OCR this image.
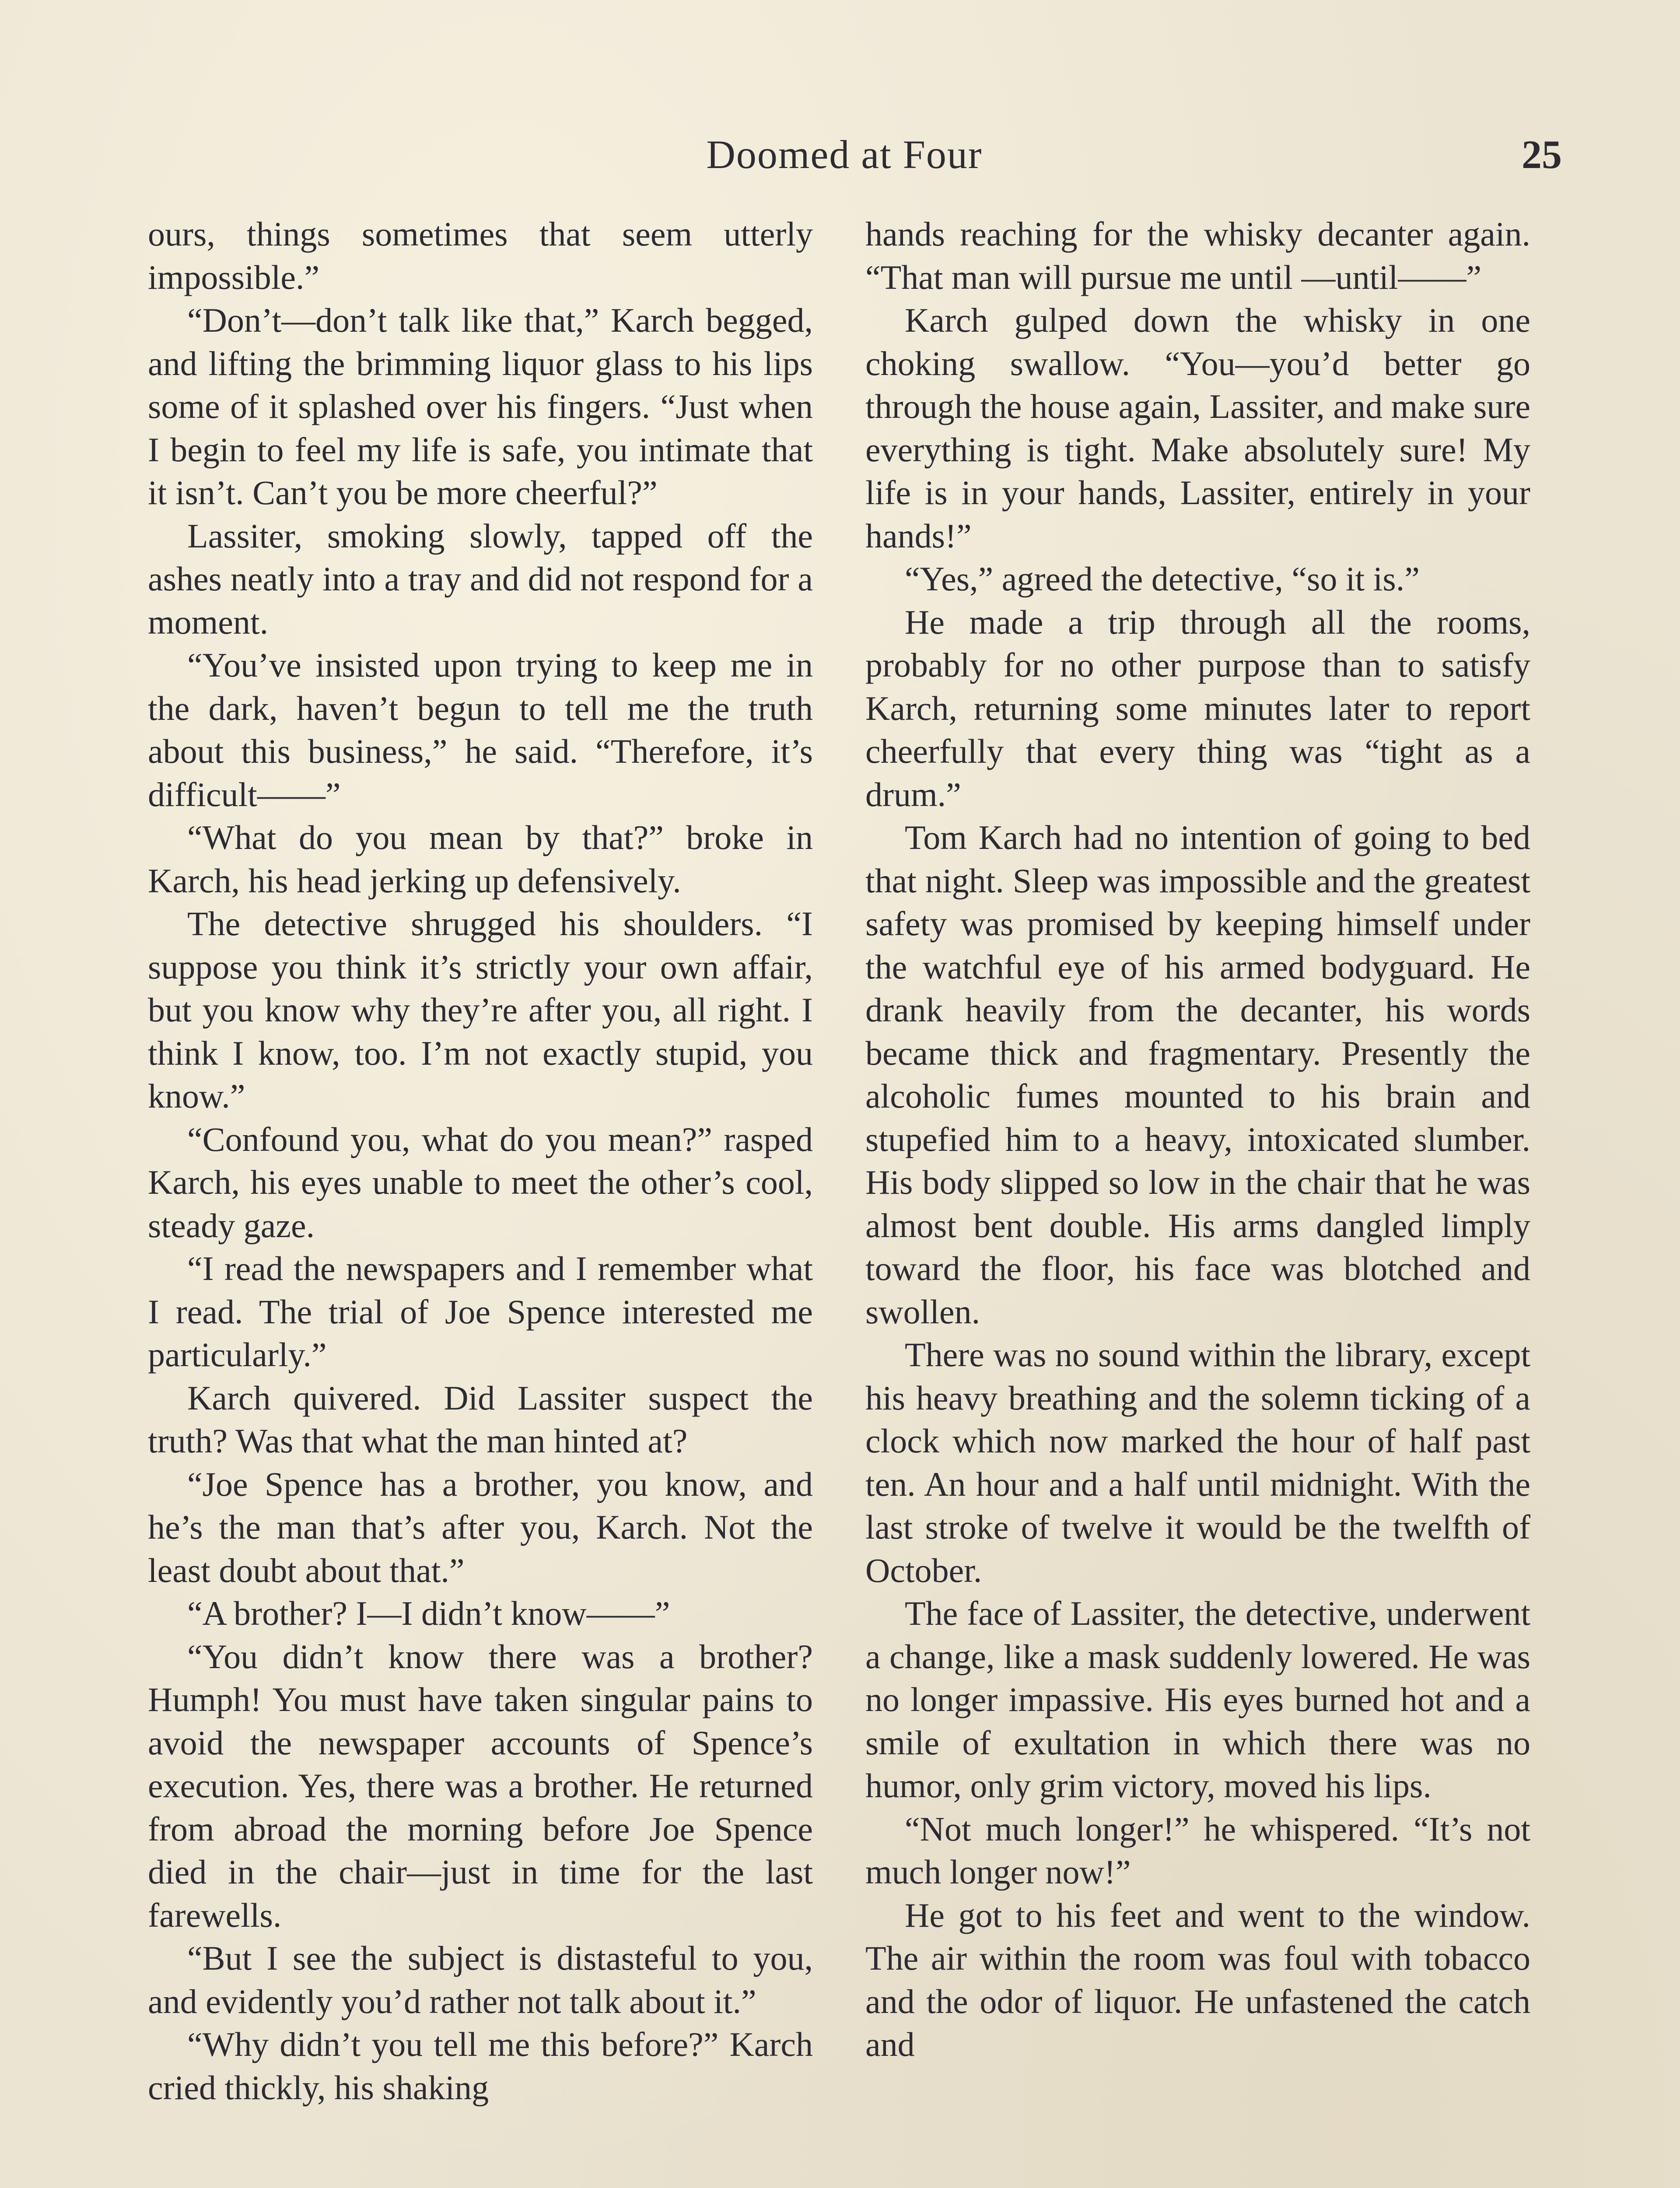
Doomed at Four	25

ours, things sometimes that seem utterly impossible.”

“Don’t—don’t talk like that,” Karch begged, and lifting the brimming liquor glass to his lips some of it splashed over his fingers. “Just when I begin to feel my life is safe, you intimate that it isn’t. Can’t you be more cheerful?”

Lassiter, smoking slowly, tapped off the ashes neatly into a tray and did not respond for a moment.

“You’ve insisted upon trying to keep me in the dark, haven’t begun to tell me the truth about this business,” he said. “Therefore, it’s difficult——”

“What do you mean by that?” broke in Karch, his head jerking up defensively.

The detective shrugged his shoulders. “I suppose you think it’s strictly your own affair, but you know why they’re after you, all right. I think I know, too. I’m not exactly stupid, you know.”

“Confound you, what do you mean?” rasped Karch, his eyes unable to meet the other’s cool, steady gaze.

“I read the newspapers and I remember what I read. The trial of Joe Spence interested me particularly.”

Karch quivered. Did Lassiter suspect the truth? Was that what the man hinted at?

“Joe Spence has a brother, you know, and he’s the man that’s after you, Karch. Not the least doubt about that.”

“A brother? I—I didn’t know——”

“You didn’t know there was a brother? Humph! You must have taken singular pains to avoid the newspaper accounts of Spence’s execution. Yes, there was a brother. He returned from abroad the morning before Joe Spence died in the chair—just in time for the last farewells.

“But I see the subject is distasteful to you, and evidently you’d rather not talk about it.”

“Why didn’t you tell me this before?” Karch cried thickly, his shaking

hands reaching for the whisky decanter again. “That man will pursue me until —until——”

Karch gulped down the whisky in one choking swallow. “You—you’d better go through the house again, Lassiter, and make sure everything is tight. Make absolutely sure! My life is in your hands, Lassiter, entirely in your hands!”

“Yes,” agreed the detective, “so it is.”

He made a trip through all the rooms, probably for no other purpose than to satisfy Karch, returning some minutes later to report cheerfully that every thing was “tight as a drum.”

Tom Karch had no intention of going to bed that night. Sleep was impossible and the greatest safety was promised by keeping himself under the watchful eye of his armed bodyguard. He drank heavily from the decanter, his words became thick and fragmentary. Presently the alcoholic fumes mounted to his brain and stupefied him to a heavy, intoxicated slumber. His body slipped so low in the chair that he was almost bent double. His arms dangled limply toward the floor, his face was blotched and swollen.

There was no sound within the library, except his heavy breathing and the solemn ticking of a clock which now marked the hour of half past ten. An hour and a half until midnight. With the last stroke of twelve it would be the twelfth of October.

The face of Lassiter, the detective, underwent a change, like a mask suddenly lowered. He was no longer impassive. His eyes burned hot and a smile of exultation in which there was no humor, only grim victory, moved his lips.

“Not much longer!” he whispered. “It’s not much longer now!”

He got to his feet and went to the window. The air within the room was foul with tobacco and the odor of liquor. He unfastened the catch and
